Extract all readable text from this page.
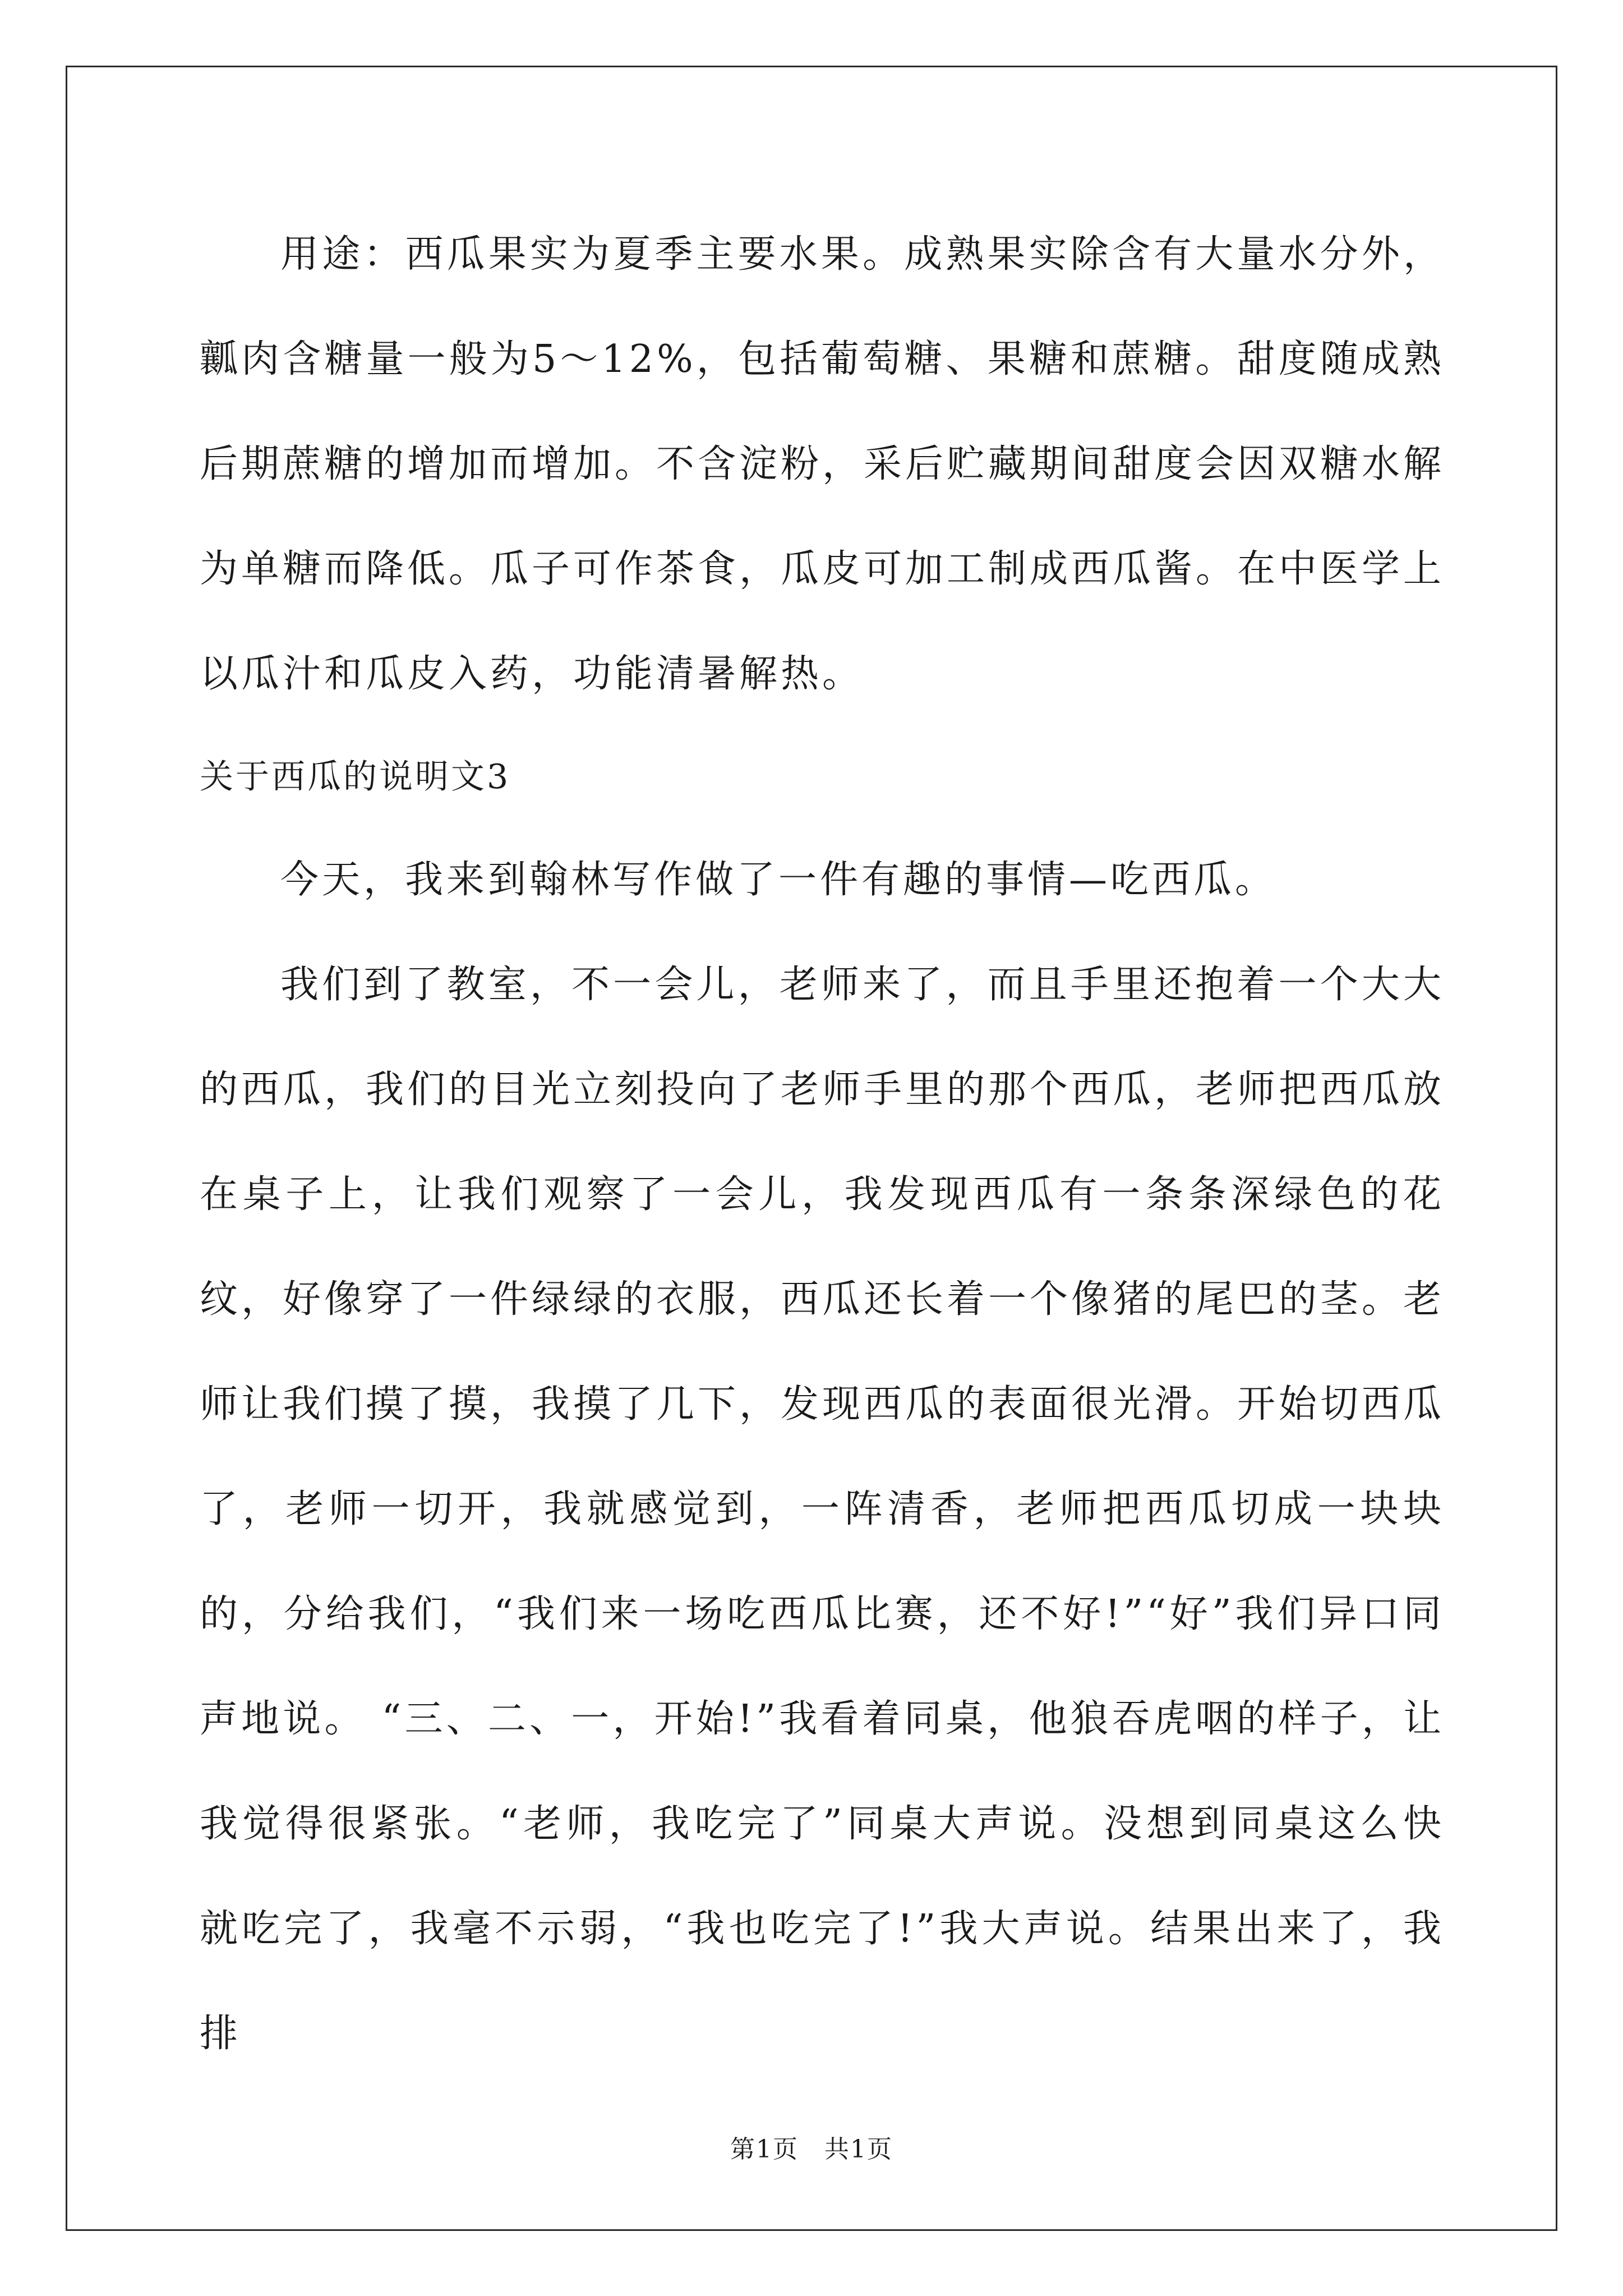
用途：西瓜果实为夏季主要水果。成熟果实除含有大量水分外，瓤肉含糖量一般为5～12%，包括葡萄糖、果糖和蔗糖。甜度随成熟后期蔗糖的增加而增加。不含淀粉，采后贮藏期间甜度会因双糖水解为单糖而降低。瓜子可作茶食，瓜皮可加工制成西瓜酱。在中医学上以瓜汁和瓜皮入药，功能清暑解热。

关于西瓜的说明文3

今天，我来到翰林写作做了一件有趣的事情—吃西瓜。

我们到了教室，不一会儿，老师来了，而且手里还抱着一个大大的西瓜，我们的目光立刻投向了老师手里的那个西瓜，老师把西瓜放在桌子上，让我们观察了一会儿，我发现西瓜有一条条深绿色的花纹，好像穿了一件绿绿的衣服，西瓜还长着一个像猪的尾巴的茎。老师让我们摸了摸，我摸了几下，发现西瓜的表面很光滑。开始切西瓜了，老师一切开，我就感觉到，一阵清香，老师把西瓜切成一块块的，分给我们，“我们来一场吃西瓜比赛，还不好!”“好”我们异口同声地说。 “三、二、一，开始!”我看着同桌，他狼吞虎咽的样子，让我觉得很紧张。“老师，我吃完了”同桌大声说。没想到同桌这么快就吃完了，我毫不示弱，“我也吃完了!”我大声说。结果出来了，我排

第1页 共1页
